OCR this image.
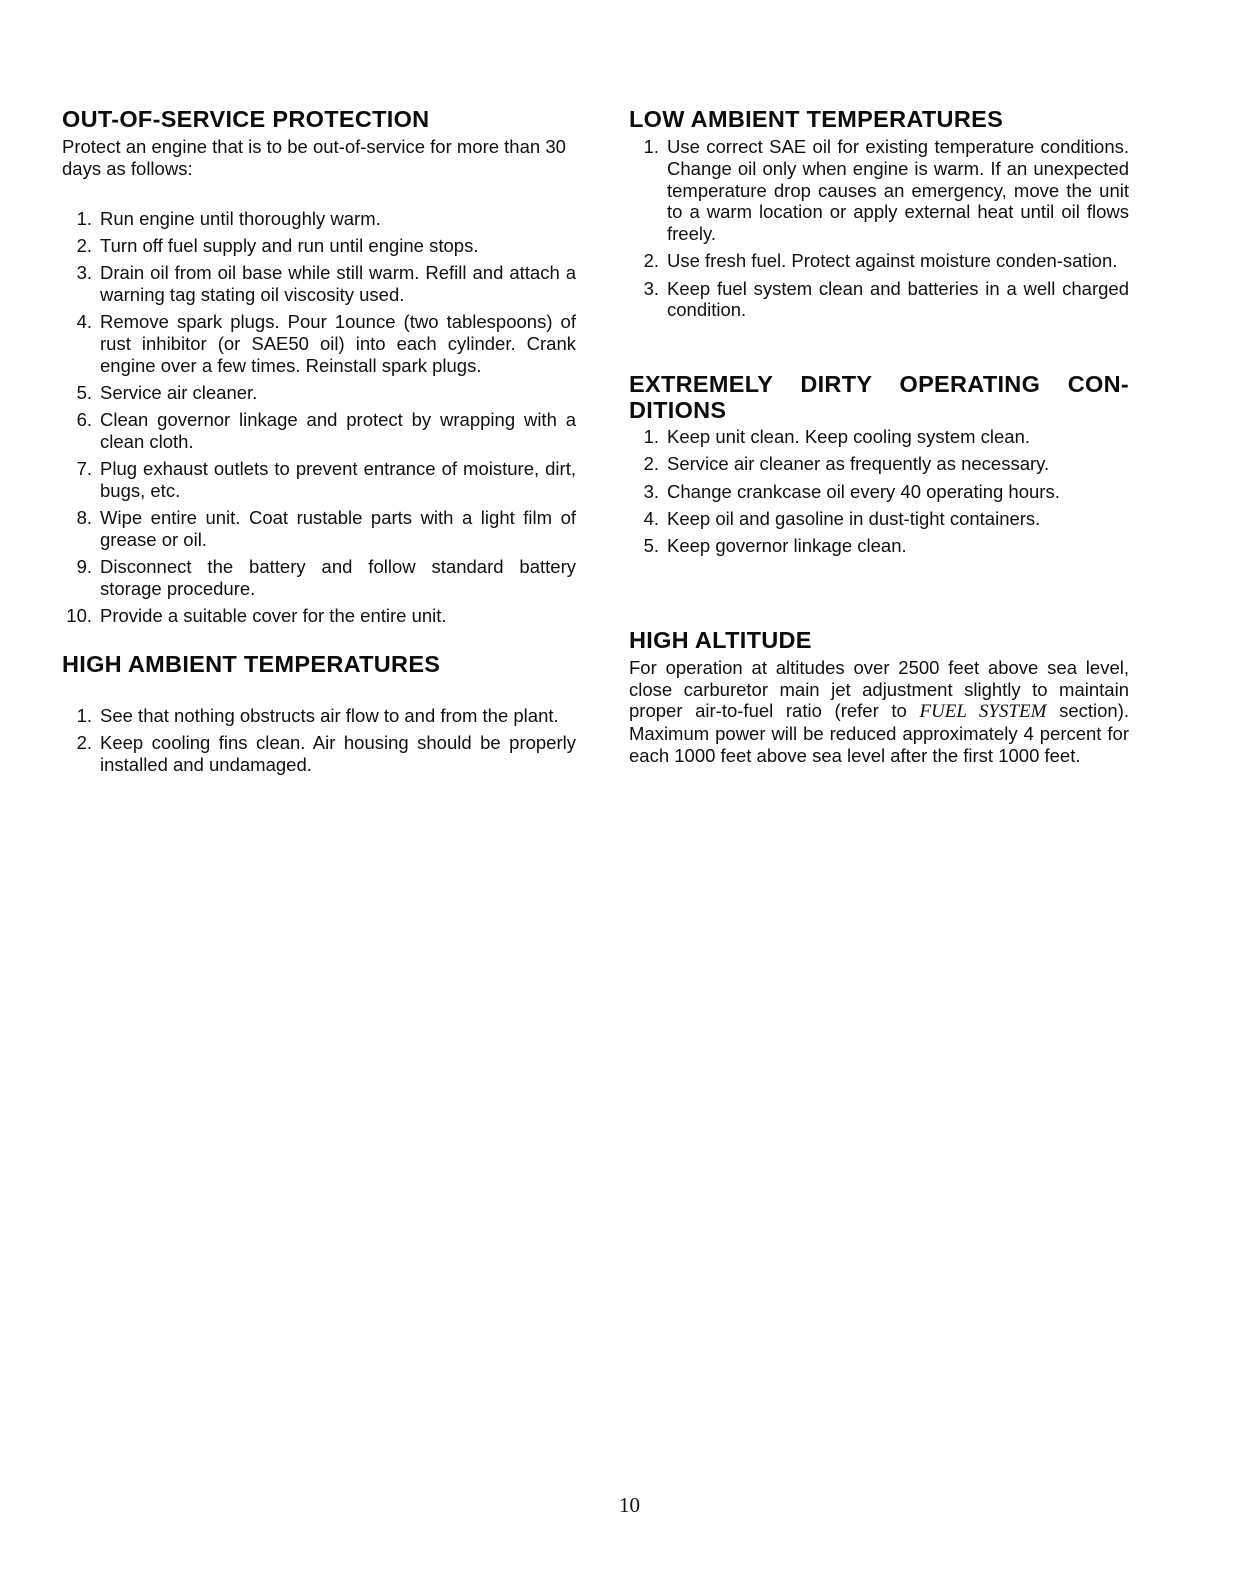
OUT-OF-SERVICE PROTECTION

Protect an engine that is to be out-of-service for more than 30 days as follows:

1. Run engine until thoroughly warm.
2. Turn off fuel supply and run until engine stops.
3. Drain oil from oil base while still warm. Refill and attach a warning tag stating oil viscosity used.
4. Remove spark plugs. Pour 1ounce (two tablespoons) of rust inhibitor (or SAE50 oil) into each cylinder. Crank engine over a few times. Reinstall spark plugs.
5. Service air cleaner.
6. Clean governor linkage and protect by wrapping with a clean cloth.
7. Plug exhaust outlets to prevent entrance of moisture, dirt, bugs, etc.
8. Wipe entire unit. Coat rustable parts with a light film of grease or oil.
9. Disconnect the battery and follow standard battery storage procedure.
10. Provide a suitable cover for the entire unit.
HIGH AMBIENT TEMPERATURES
1. See that nothing obstructs air flow to and from the plant.
2. Keep cooling fins clean. Air housing should be properly installed and undamaged.
LOW AMBIENT TEMPERATURES
1. Use correct SAE oil for existing temperature conditions. Change oil only when engine is warm. If an unexpected temperature drop causes an emergency, move the unit to a warm location or apply external heat until oil flows freely.
2. Use fresh fuel. Protect against moisture conden-sation.
3. Keep fuel system clean and batteries in a well charged condition.
EXTREMELY DIRTY OPERATING CON-DITIONS
1. Keep unit clean. Keep cooling system clean.
2. Service air cleaner as frequently as necessary.
3. Change crankcase oil every 40 operating hours.
4. Keep oil and gasoline in dust-tight containers.
5. Keep governor linkage clean.
HIGH ALTITUDE

For operation at altitudes over 2500 feet above sea level, close carburetor main jet adjustment slightly to maintain proper air-to-fuel ratio (refer to FUEL SYSTEM section). Maximum power will be reduced approximately 4 percent for each 1000 feet above sea level after the first 1000 feet.

10
